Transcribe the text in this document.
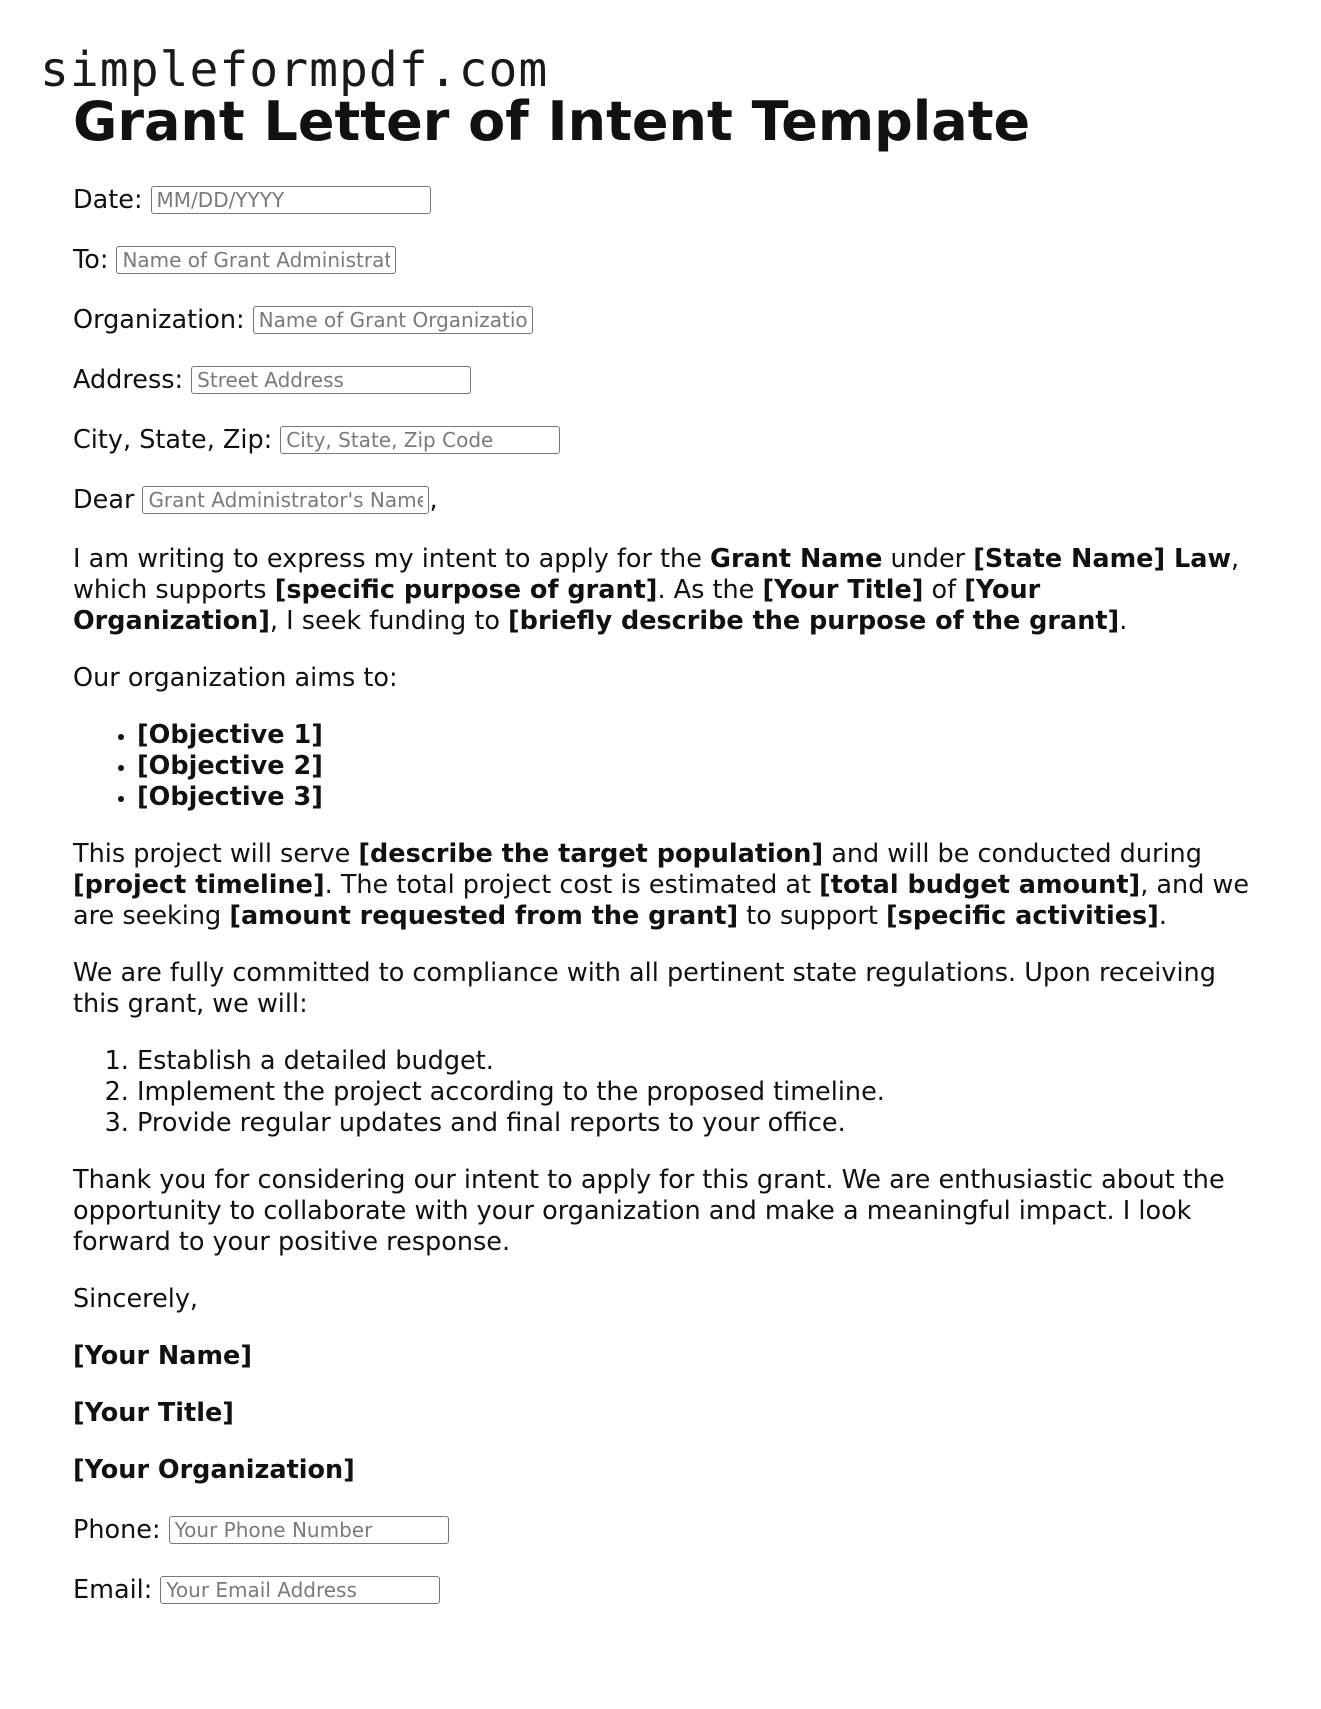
simpleformpdf.com
Grant Letter of Intent Template
Date:
MM/DD/YYYY
To:
Name of Grant Administrator
Organization:
Name of Grant Organization
Address:
Street Address
City, State, Zip:
City, State, Zip Code
Dear
Grant Administrator's Name	,

I am writing to express my intent to apply for the Grant Name under [State Name] Law, which supports [specific purpose of grant]. As the [Your Title] of [Your Organization], I seek funding to [briefly describe the purpose of the grant].

Our organization aims to:

• [Objective 1]
• [Objective 2]
• [Objective 3]

This project will serve [describe the target population] and will be conducted during [project timeline]. The total project cost is estimated at [total budget amount], and we are seeking [amount requested from the grant] to support [specific activities].

We are fully committed to compliance with all pertinent state regulations. Upon receiving this grant, we will:

1. Establish a detailed budget.
2. Implement the project according to the proposed timeline.
3. Provide regular updates and final reports to your office.

Thank you for considering our intent to apply for this grant. We are enthusiastic about the opportunity to collaborate with your organization and make a meaningful impact. I look forward to your positive response.

Sincerely,

[Your Name]

[Your Title]

[Your Organization]

Phone:
Your Phone Number
Email:
Your Email Address
